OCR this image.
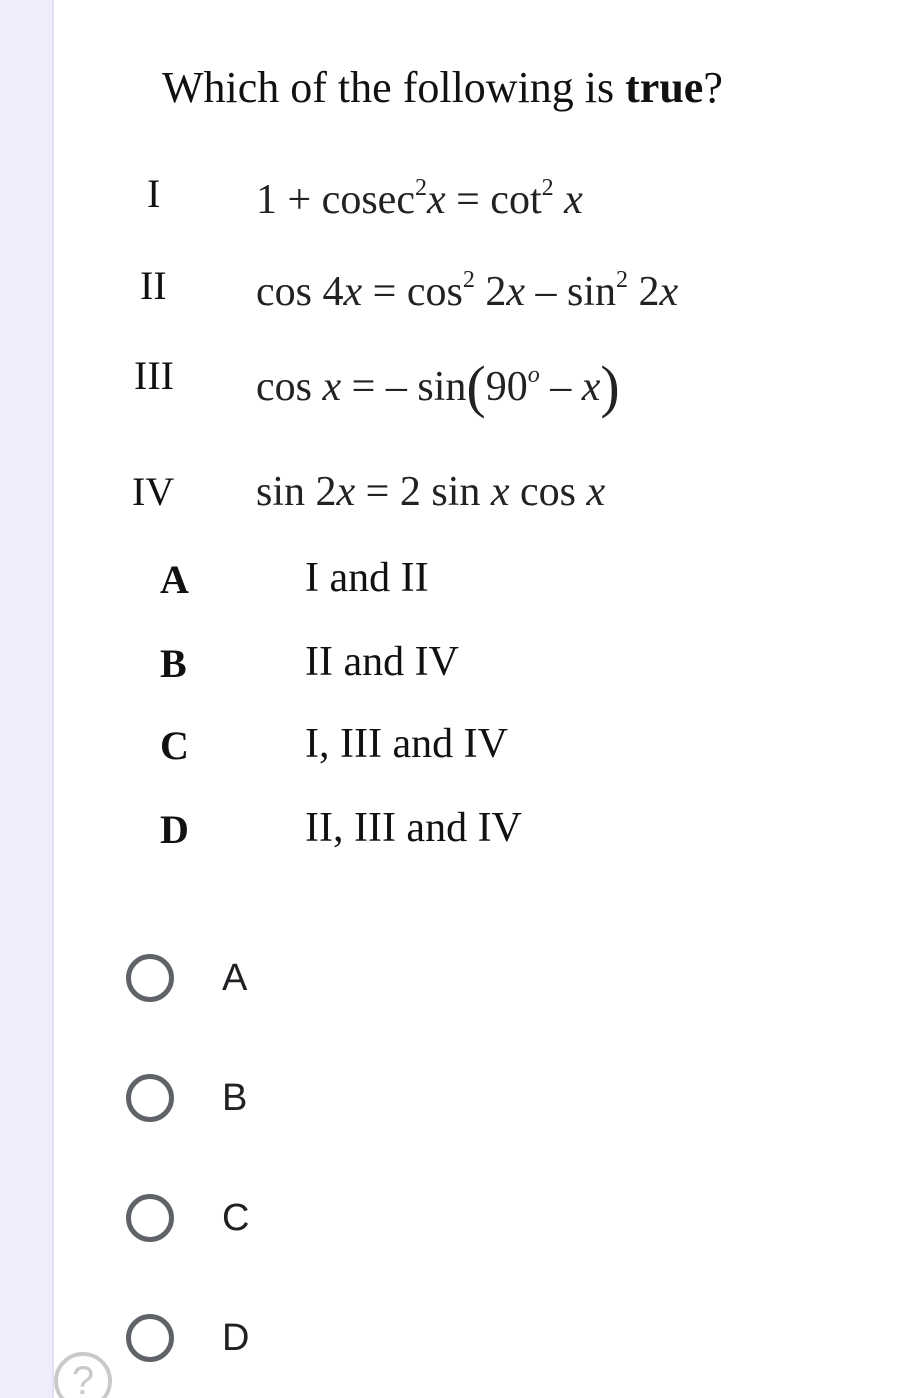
Which of the following is true?
I $1 + cosec^2x = \cot^2 x$
II $\cos 4x = \cos^2 2x - \sin^2 2x$
III cos x = – sin(90$^o$ – x)
IV sin 2x = 2 sin x cos x
A	I and II
B	II and IV
C	I, III and IV
D	II, III and IV
A
B
C
D
?
